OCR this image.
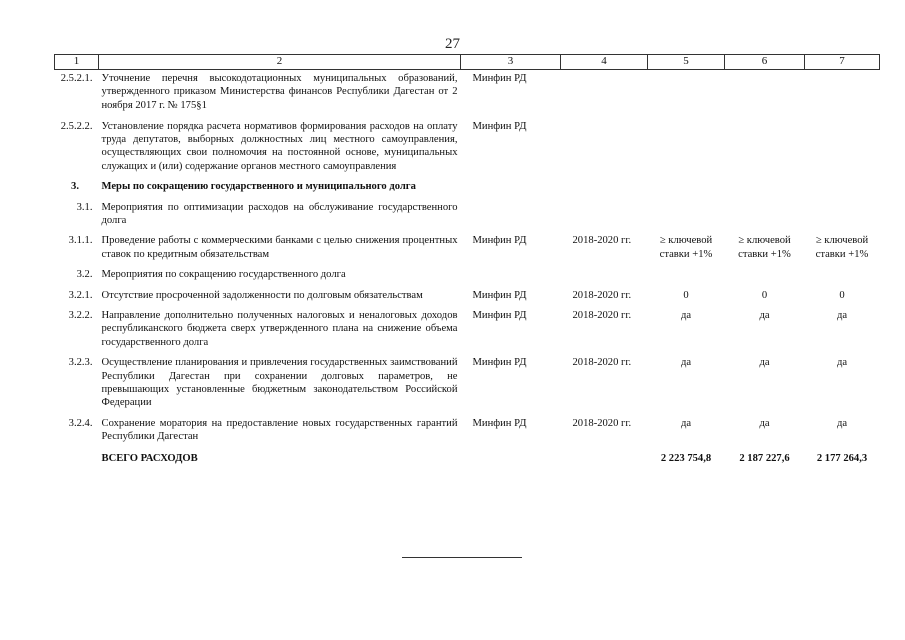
27
1	2	3	4	5	6	7
2.5.2.1.	Уточнение перечня высокодотационных муниципальных образований, утвержденного приказом Министерства финансов Республики Дагестан от 2 ноября 2017 г. № 175§1	Минфин РД				
2.5.2.2.	Установление порядка расчета нормативов формирования расходов на оплату труда депутатов, выборных должностных лиц местного самоуправления, осуществляющих свои полномочия на постоянной основе, муниципальных служащих и (или) содержание органов местного самоуправления	Минфин РД				
3.	Меры по сокращению государственного и муниципального долга					
3.1.	Мероприятия по оптимизации расходов на обслуживание государственного долга					
3.1.1.	Проведение работы с коммерческими банками с целью снижения процентных ставок по кредитным обязательствам	Минфин РД	2018-2020 гг.	≥ ключевой ставки +1%	≥ ключевой ставки +1%	≥ ключевой ставки +1%
3.2.	Мероприятия по сокращению государственного долга					
3.2.1.	Отсутствие просроченной задолженности по долговым обязательствам	Минфин РД	2018-2020 гг.	0	0	0
3.2.2.	Направление дополнительно полученных налоговых и неналоговых доходов республиканского бюджета сверх утвержденного плана на снижение объема государственного долга	Минфин РД	2018-2020 гг.	да	да	да
3.2.3.	Осуществление планирования и привлечения государственных заимствований Республики Дагестан при сохранении долговых параметров, не превышающих установленные бюджетным законодательством Российской Федерации	Минфин РД	2018-2020 гг.	да	да	да
3.2.4.	Сохранение моратория на предоставление новых государственных гарантий Республики Дагестан	Минфин РД	2018-2020 гг.	да	да	да
	ВСЕГО РАСХОДОВ			2 223 754,8	2 187 227,6	2 177 264,3
